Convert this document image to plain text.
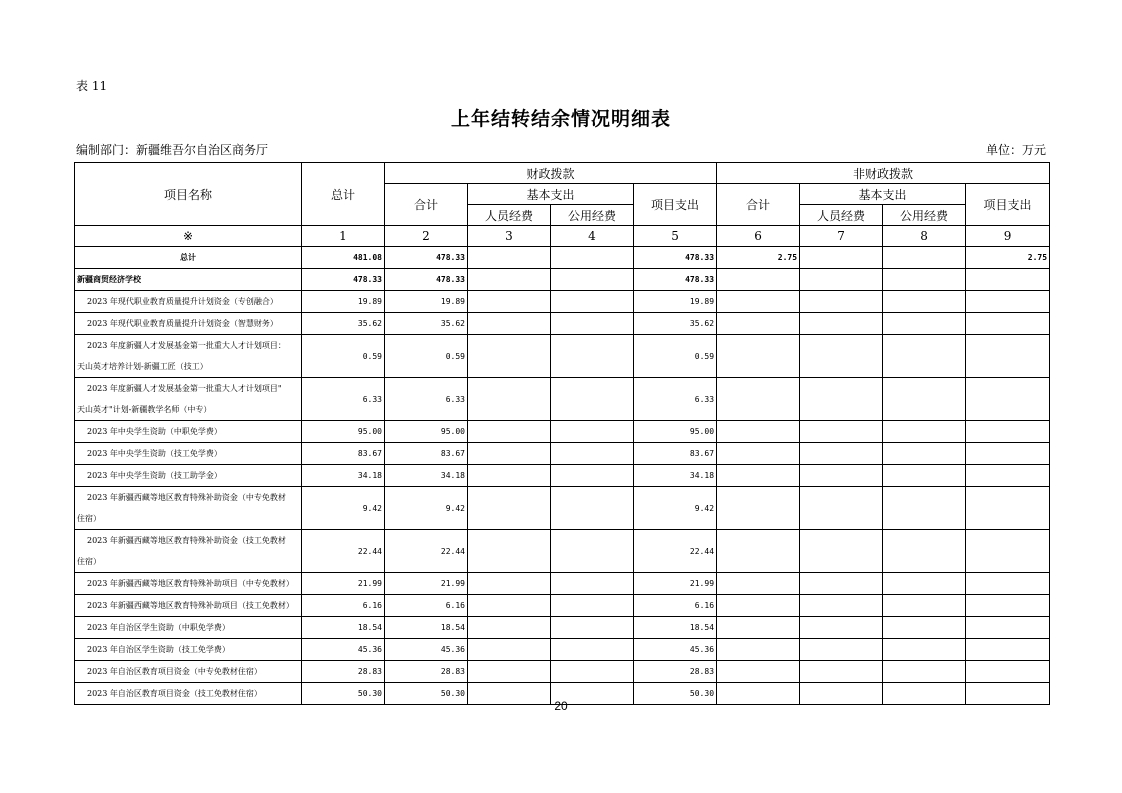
表 11
上年结转结余情况明细表
编制部门：新疆维吾尔自治区商务厅	单位：万元
项目名称	总计	财政拨款				非财政拨款			
		合计	基本支出		项目支出	合计	基本支出		项目支出
			人员经费	公用经费			人员经费	公用经费	
※	1	2	3	4	5	6	7	8	9
总计	481.08	478.33			478.33	2.75			2.75
新疆商贸经济学校	478.33	478.33			478.33				
2023 年现代职业教育质量提升计划资金（专创融合）	19.89	19.89			19.89				
2023 年现代职业教育质量提升计划资金（智慧财务）	35.62	35.62			35.62				

2023 年度新疆人才发展基金第一批重大人才计划项目：
天山英才培养计划-新疆工匠（技工）	0.59	0.59			0.59				

2023 年度新疆人才发展基金第一批重大人才计划项目"
天山英才"计划-新疆教学名师（中专）	6.33	6.33			6.33				
2023 年中央学生资助（中职免学费）	95.00	95.00			95.00				
2023 年中央学生资助（技工免学费）	83.67	83.67			83.67				
2023 年中央学生资助（技工助学金）	34.18	34.18			34.18				

2023 年新疆西藏等地区教育特殊补助资金（中专免教材
住宿）	9.42	9.42			9.42				

2023 年新疆西藏等地区教育特殊补助资金（技工免教材
住宿）	22.44	22.44			22.44				
2023 年新疆西藏等地区教育特殊补助项目（中专免教材）	21.99	21.99			21.99				
2023 年新疆西藏等地区教育特殊补助项目（技工免教材）	6.16	6.16			6.16				
2023 年自治区学生资助（中职免学费）	18.54	18.54			18.54				
2023 年自治区学生资助（技工免学费）	45.36	45.36			45.36				
2023 年自治区教育项目资金（中专免教材住宿）	28.83	28.83			28.83				
2023 年自治区教育项目资金（技工免教材住宿）	50.30	50.30			50.30				
20
